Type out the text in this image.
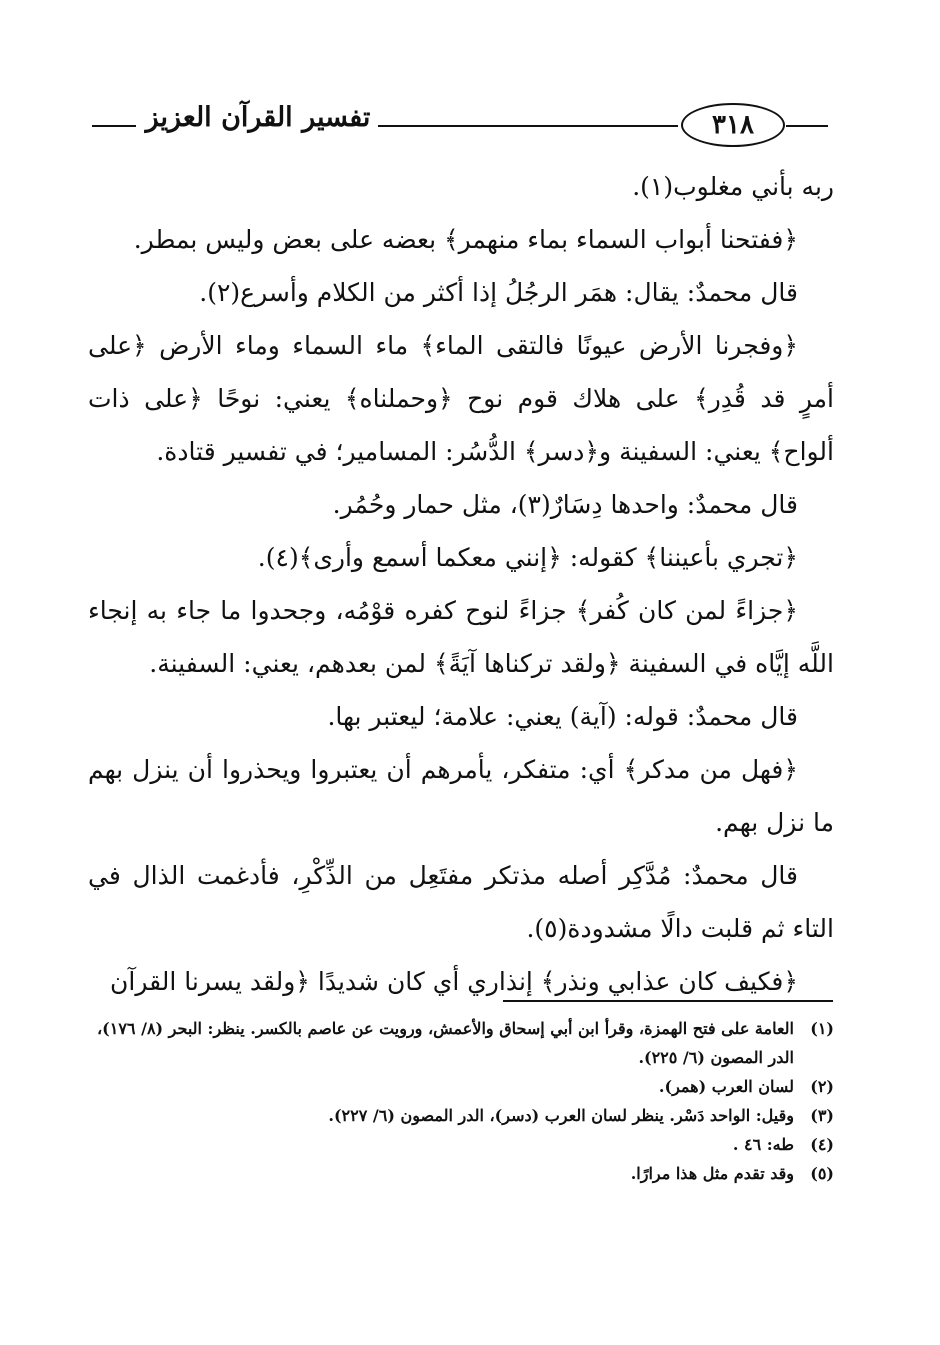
تفسير القرآن العزيز	٣١٨

ربه بأني مغلوب(١).

﴿ففتحنا أبواب السماء بماء منهمر﴾ بعضه على بعض وليس بمطر.

قال محمدٌ: يقال: همَر الرجُلُ إذا أكثر من الكلام وأسرع(٢).

﴿وفجرنا الأرض عيونًا فالتقى الماء﴾ ماء السماء وماء الأرض ﴿على أمرٍ قد قُدِر﴾ على هلاك قوم نوح ﴿وحملناه﴾ يعني: نوحًا ﴿على ذات ألواح﴾ يعني: السفينة و﴿دسر﴾ الدُّسُر: المسامير؛ في تفسير قتادة.

قال محمدٌ: واحدها دِسَارٌ(٣)، مثل حمار وحُمُر.

﴿تجري بأعيننا﴾ كقوله: ﴿إنني معكما أسمع وأرى﴾(٤).

﴿جزاءً لمن كان كُفر﴾ جزاءً لنوح كفره قوْمُه، وجحدوا ما جاء به إنجاء اللَّه إيَّاه في السفينة ﴿ولقد تركناها آيَةً﴾ لمن بعدهم، يعني: السفينة.

قال محمدٌ: قوله: (آية) يعني: علامة؛ ليعتبر بها.

﴿فهل من مدكر﴾ أي: متفكر، يأمرهم أن يعتبروا ويحذروا أن ينزل بهم ما نزل بهم.

قال محمدٌ: مُدَّكِر أصله مذتكر مفتَعِل من الذِّكْرِ، فأدغمت الذال في التاء ثم قلبت دالًا مشدودة(٥).

﴿فكيف كان عذابي ونذر﴾ إنذاري أي كان شديدًا ﴿ولقد يسرنا القرآن

(١)
العامة على فتح الهمزة، وقرأ ابن أبي إسحاق والأعمش، ورويت عن عاصم بالكسر. ينظر: البحر (٨/ ١٧٦)، الدر المصون (٦/ ٢٢٥).
(٢)
لسان العرب (همر).
(٣)
وقيل: الواحد دَسْر. ينظر لسان العرب (دسر)، الدر المصون (٦/ ٢٢٧).
(٤)
طه: ٤٦ .
(٥)
وقد تقدم مثل هذا مرارًا.
